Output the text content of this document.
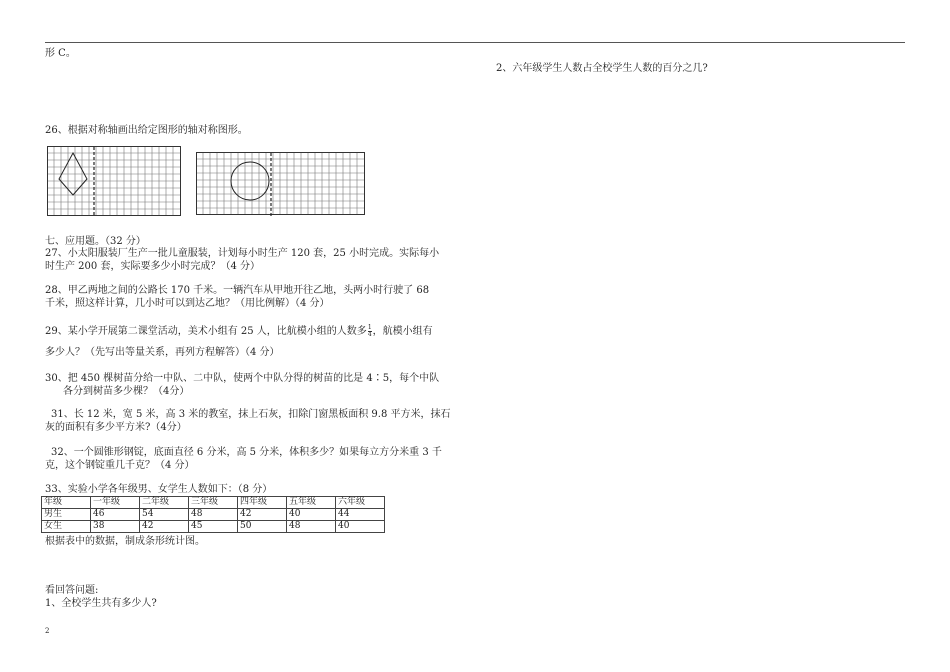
形 C。
2、六年级学生人数占全校学生人数的百分之几?
26、根据对称轴画出给定图形的轴对称图形。
七、应用题。（32 分）
27、小太阳服装厂生产一批儿童服装，计划每小时生产 120 套，25 小时完成。实际每小
时生产 200 套，实际要多少小时完成？（4 分）
28、甲乙两地之间的公路长 170 千米。一辆汽车从甲地开往乙地，头两小时行驶了 68
千米，照这样计算，几小时可以到达乙地？（用比例解）（4 分）
29、某小学开展第二课堂活动，美术小组有 25 人，比航模小组的人数多 $\frac{1}{4}$ ，航模小组有
多少人？（先写出等量关系，再列方程解答）（4 分）
30、把 450 棵树苗分给一中队、二中队，使两个中队分得的树苗的比是 4∶5，每个中队
各分到树苗多少棵？（4分）
31、长 12 米，宽 5 米，高 3 米的教室，抹上石灰，扣除门窗黑板面积 9.8 平方米，抹石
灰的面积有多少平方米?（4分）
32、一个圆锥形钢锭，底面直径 6 分米，高 5 分米，体积多少？如果每立方分米重 3 千
克，这个钢锭重几千克？（4 分）
33、实验小学各年级男、女学生人数如下：（8 分）
年级	一年级	二年级	三年级	四年级	五年级	六年级
男生	46	54	48	42	40	44
女生	38	42	45	50	48	40
根据表中的数据，制成条形统计图。
看回答问题:
1、全校学生共有多少人?
2
